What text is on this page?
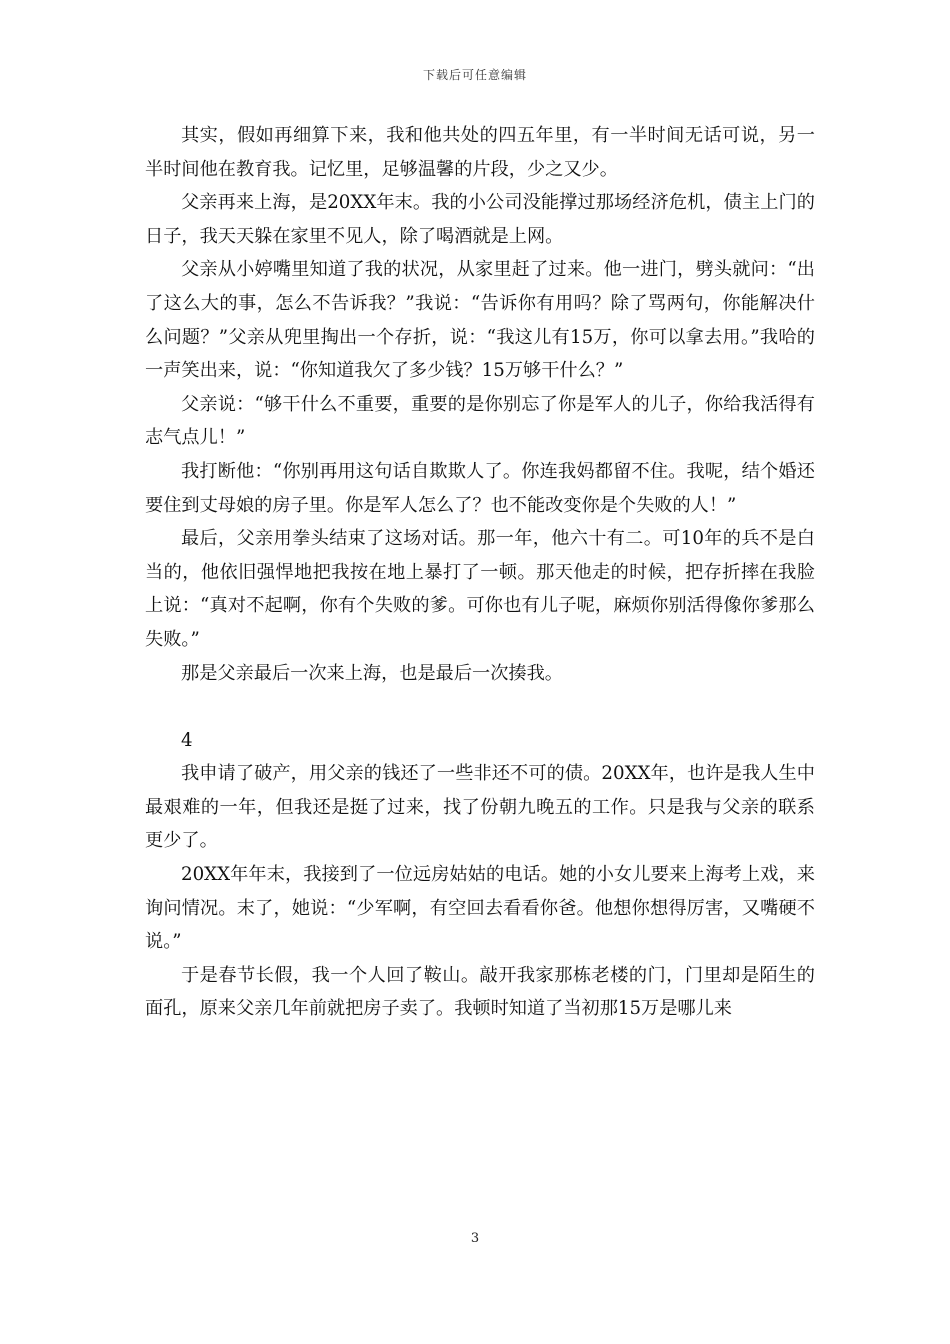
下载后可任意编辑

其实，假如再细算下来，我和他共处的四五年里，有一半时间无话可说，另一半时间他在教育我。记忆里，足够温馨的片段，少之又少。

父亲再来上海，是20XX年末。我的小公司没能撑过那场经济危机，债主上门的日子，我天天躲在家里不见人，除了喝酒就是上网。

父亲从小婷嘴里知道了我的状况，从家里赶了过来。他一进门，劈头就问：“出了这么大的事，怎么不告诉我？”我说：“告诉你有用吗？除了骂两句，你能解决什么问题？”父亲从兜里掏出一个存折，说：“我这儿有15万，你可以拿去用。”我哈的一声笑出来，说：“你知道我欠了多少钱？15万够干什么？”

父亲说：“够干什么不重要，重要的是你别忘了你是军人的儿子，你给我活得有志气点儿！”

我打断他：“你别再用这句话自欺欺人了。你连我妈都留不住。我呢，结个婚还要住到丈母娘的房子里。你是军人怎么了？也不能改变你是个失败的人！”

最后，父亲用拳头结束了这场对话。那一年，他六十有二。可10年的兵不是白当的，他依旧强悍地把我按在地上暴打了一顿。那天他走的时候，把存折摔在我脸上说：“真对不起啊，你有个失败的爹。可你也有儿子呢，麻烦你别活得像你爹那么失败。”

那是父亲最后一次来上海，也是最后一次揍我。

4

我申请了破产，用父亲的钱还了一些非还不可的债。20XX年，也许是我人生中最艰难的一年，但我还是挺了过来，找了份朝九晚五的工作。只是我与父亲的联系更少了。

20XX年年末，我接到了一位远房姑姑的电话。她的小女儿要来上海考上戏，来询问情况。末了，她说：“少军啊，有空回去看看你爸。他想你想得厉害，又嘴硬不说。”

于是春节长假，我一个人回了鞍山。敲开我家那栋老楼的门，门里却是陌生的面孔，原来父亲几年前就把房子卖了。我顿时知道了当初那15万是哪儿来

3
